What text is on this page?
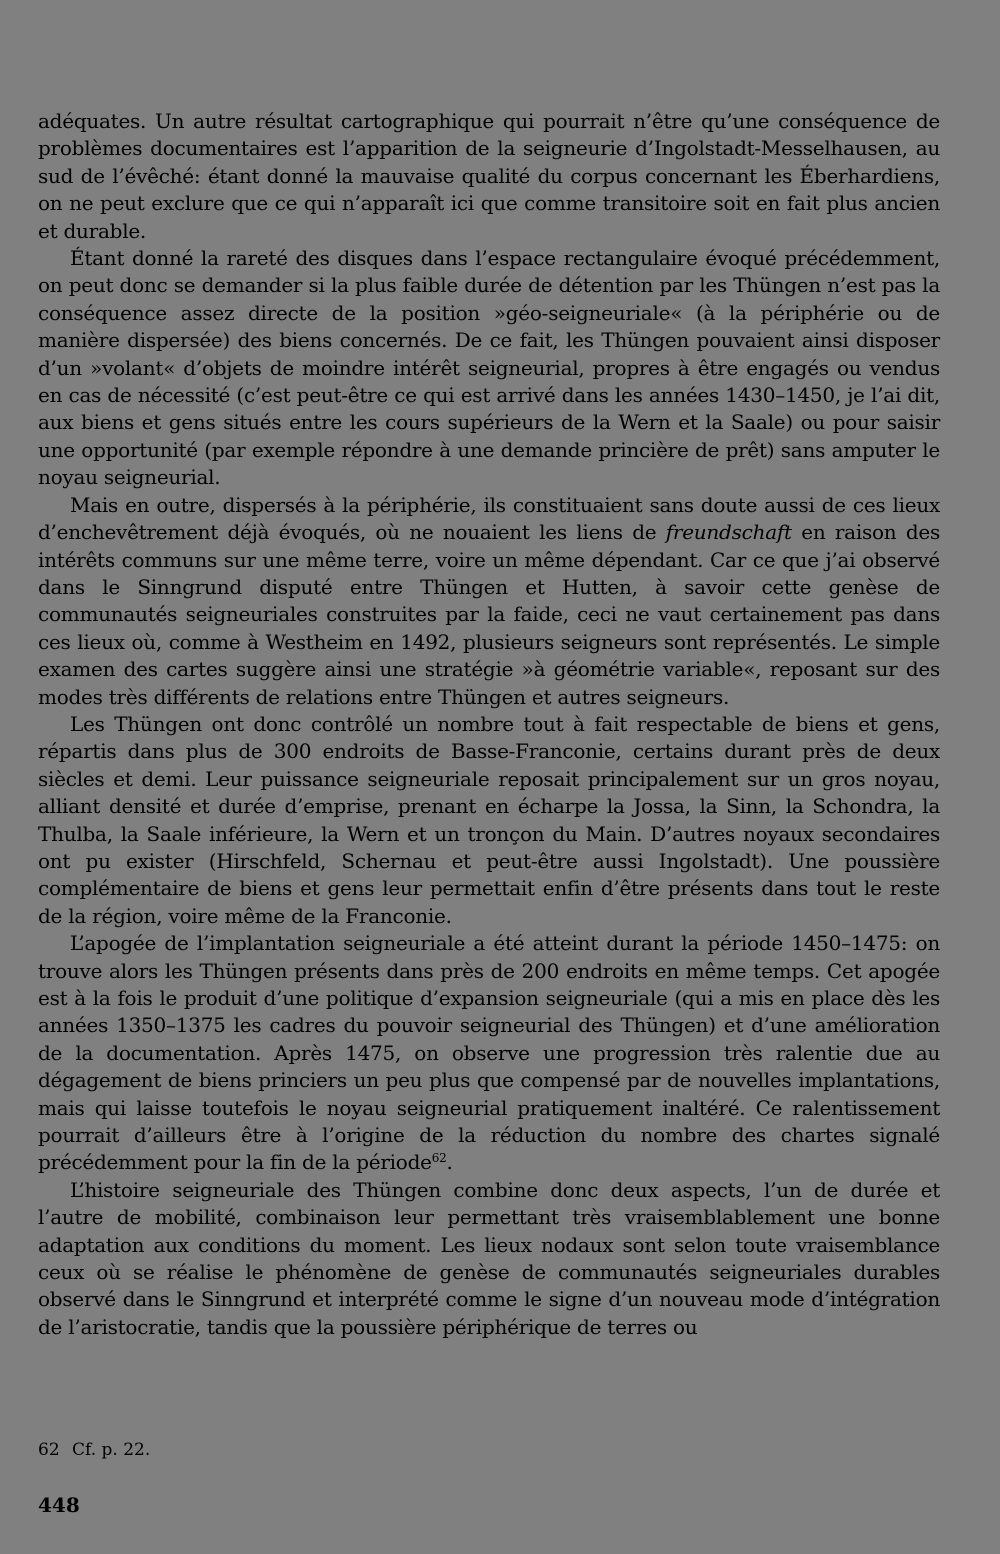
adéquates. Un autre résultat cartographique qui pourrait n’être qu’une conséquence de problèmes documentaires est l’apparition de la seigneurie d’Ingolstadt-Messelhausen, au sud de l’évêché: étant donné la mauvaise qualité du corpus concernant les Éberhardiens, on ne peut exclure que ce qui n’apparaît ici que comme transitoire soit en fait plus ancien et durable.

Étant donné la rareté des disques dans l’espace rectangulaire évoqué précédemment, on peut donc se demander si la plus faible durée de détention par les Thüngen n’est pas la conséquence assez directe de la position »géo-seigneuriale« (à la périphérie ou de manière dispersée) des biens concernés. De ce fait, les Thüngen pouvaient ainsi disposer d’un »volant« d’objets de moindre intérêt seigneurial, propres à être engagés ou vendus en cas de nécessité (c’est peut-être ce qui est arrivé dans les années 1430–1450, je l’ai dit, aux biens et gens situés entre les cours supérieurs de la Wern et la Saale) ou pour saisir une opportunité (par exemple répondre à une demande princière de prêt) sans amputer le noyau seigneurial.

Mais en outre, dispersés à la périphérie, ils constituaient sans doute aussi de ces lieux d’enchevêtrement déjà évoqués, où ne nouaient les liens de freundschaft en raison des intérêts communs sur une même terre, voire un même dépendant. Car ce que j’ai observé dans le Sinngrund disputé entre Thüngen et Hutten, à savoir cette genèse de communautés seigneuriales construites par la faide, ceci ne vaut certainement pas dans ces lieux où, comme à Westheim en 1492, plusieurs seigneurs sont représentés. Le simple examen des cartes suggère ainsi une stratégie »à géométrie variable«, reposant sur des modes très différents de relations entre Thüngen et autres seigneurs.

Les Thüngen ont donc contrôlé un nombre tout à fait respectable de biens et gens, répartis dans plus de 300 endroits de Basse-Franconie, certains durant près de deux siècles et demi. Leur puissance seigneuriale reposait principalement sur un gros noyau, alliant densité et durée d’emprise, prenant en écharpe la Jossa, la Sinn, la Schondra, la Thulba, la Saale inférieure, la Wern et un tronçon du Main. D’autres noyaux secondaires ont pu exister (Hirschfeld, Schernau et peut-être aussi Ingolstadt). Une poussière complémentaire de biens et gens leur permettait enfin d’être présents dans tout le reste de la région, voire même de la Franconie.

L’apogée de l’implantation seigneuriale a été atteint durant la période 1450–1475: on trouve alors les Thüngen présents dans près de 200 endroits en même temps. Cet apogée est à la fois le produit d’une politique d’expansion seigneuriale (qui a mis en place dès les années 1350–1375 les cadres du pouvoir seigneurial des Thüngen) et d’une amélioration de la documentation. Après 1475, on observe une progression très ralentie due au dégagement de biens princiers un peu plus que compensé par de nouvelles implantations, mais qui laisse toutefois le noyau seigneurial pratiquement inaltéré. Ce ralentissement pourrait d’ailleurs être à l’origine de la réduction du nombre des chartes signalé précédemment pour la fin de la période$^{62}$.

L’histoire seigneuriale des Thüngen combine donc deux aspects, l’un de durée et l’autre de mobilité, combinaison leur permettant très vraisemblablement une bonne adaptation aux conditions du moment. Les lieux nodaux sont selon toute vraisemblance ceux où se réalise le phénomène de genèse de communautés seigneuriales durables observé dans le Sinngrund et interprété comme le signe d’un nouveau mode d’intégration de l’aristocratie, tandis que la poussière périphérique de terres ou

62 Cf. p. 22.
448
